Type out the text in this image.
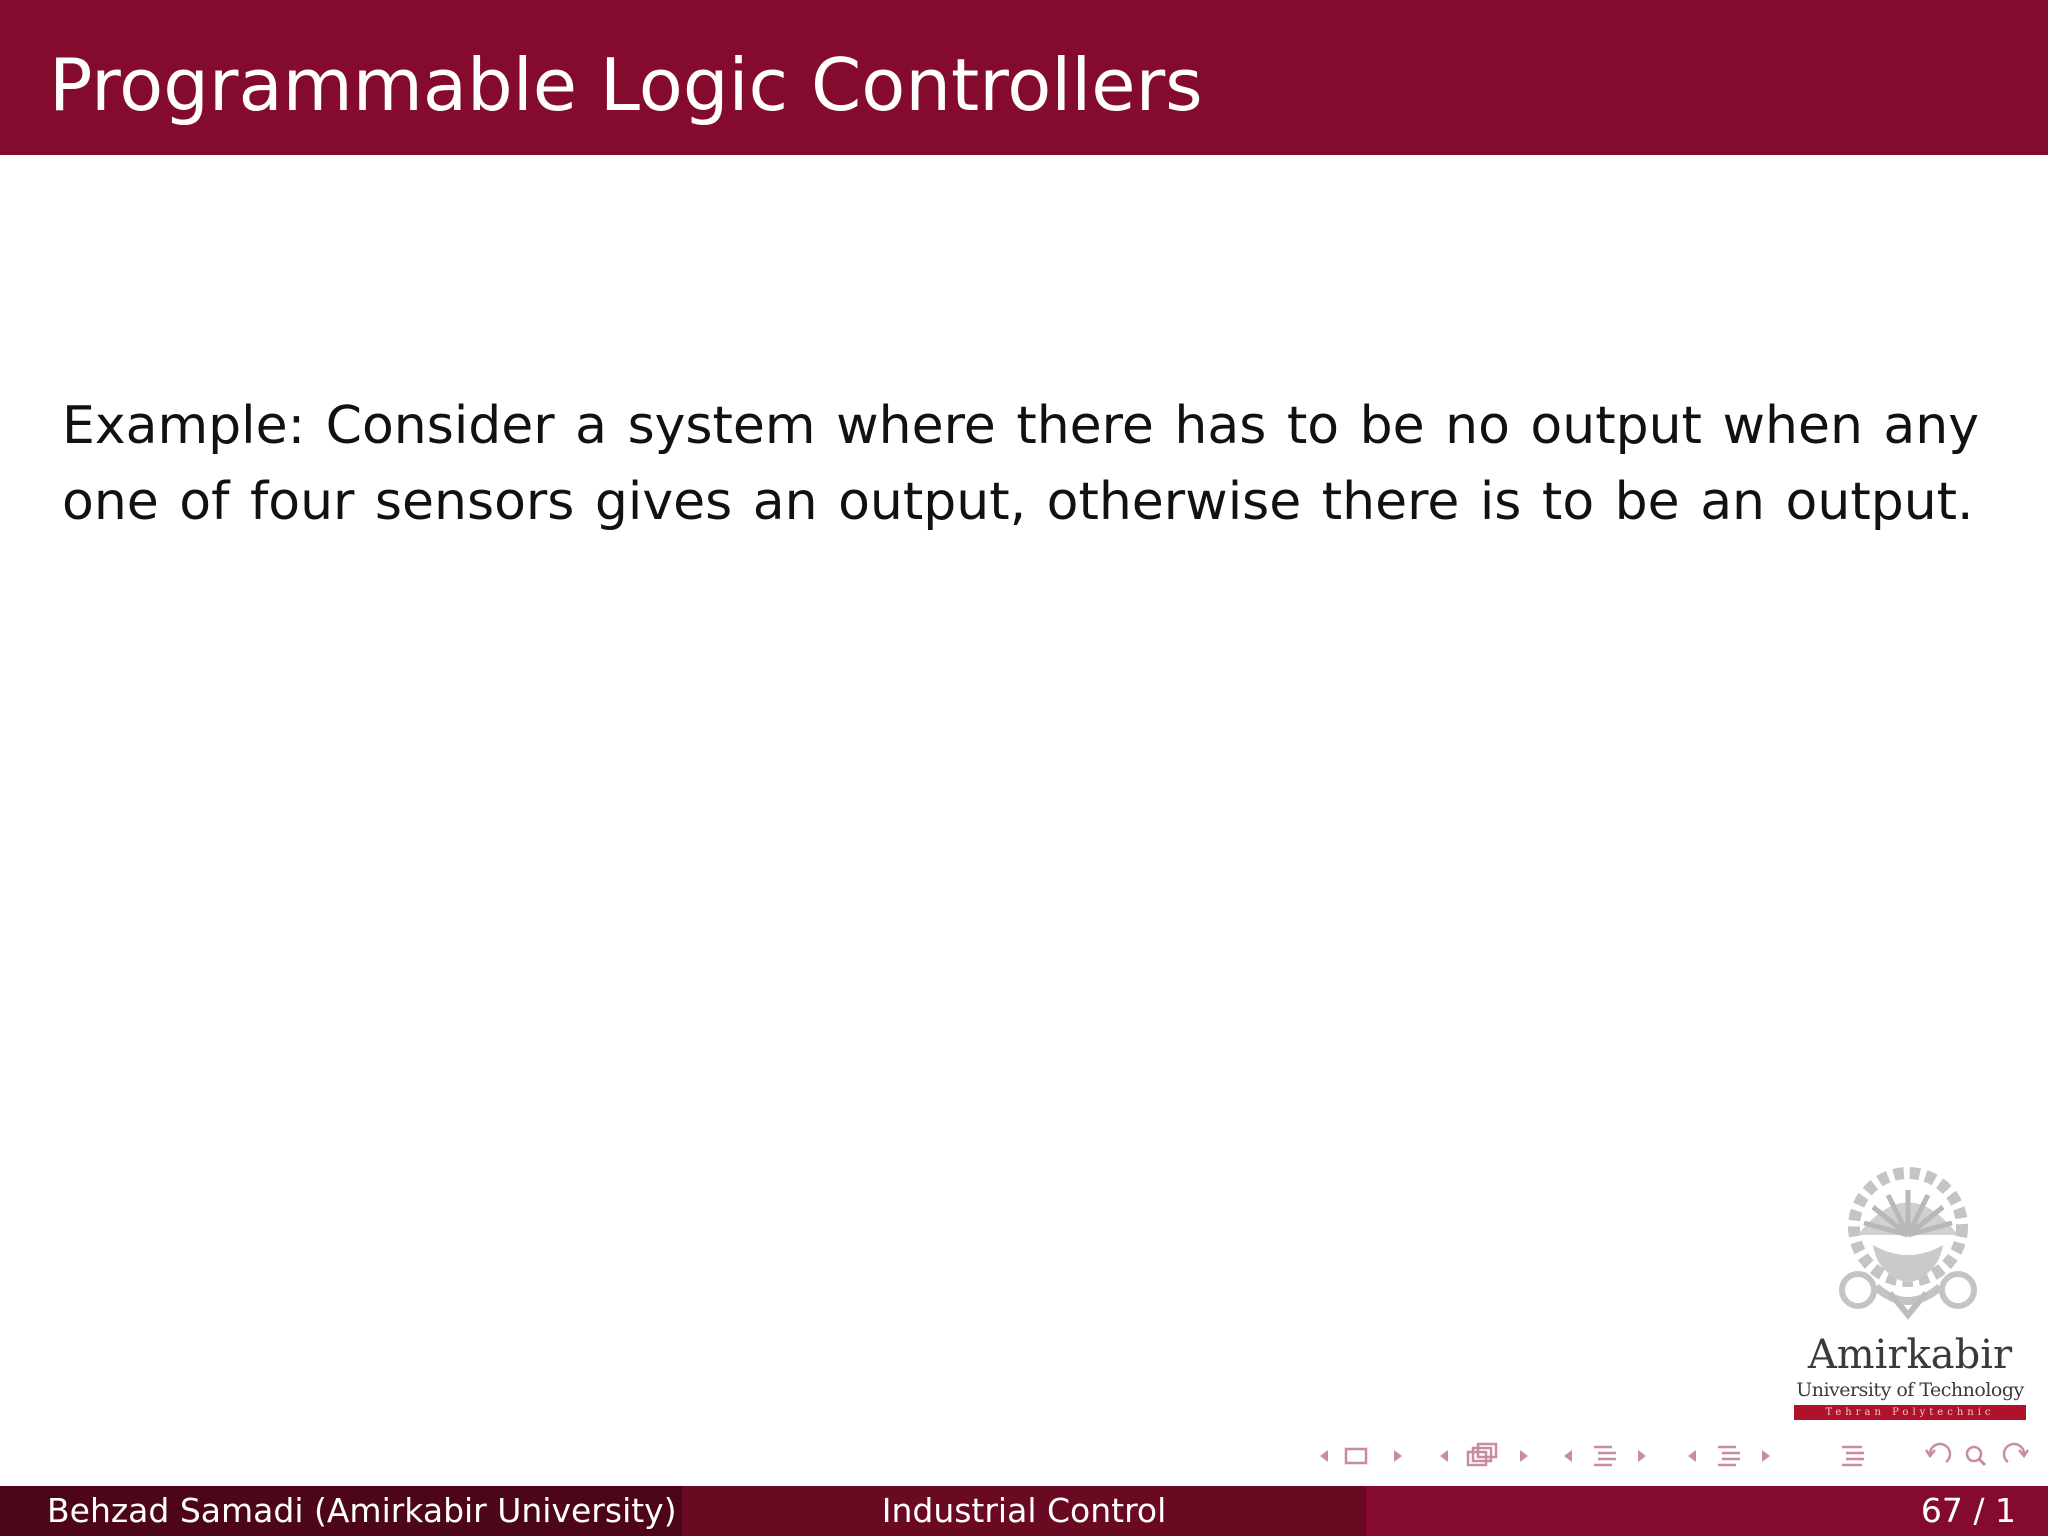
Programmable Logic Controllers
Example: Consider a system where there has to be no output when any one of four sensors gives an output, otherwise there is to be an output.
Amirkabir
University of Technology
Tehran Polytechnic
Behzad Samadi (Amirkabir University)	Industrial Control	67 / 1
